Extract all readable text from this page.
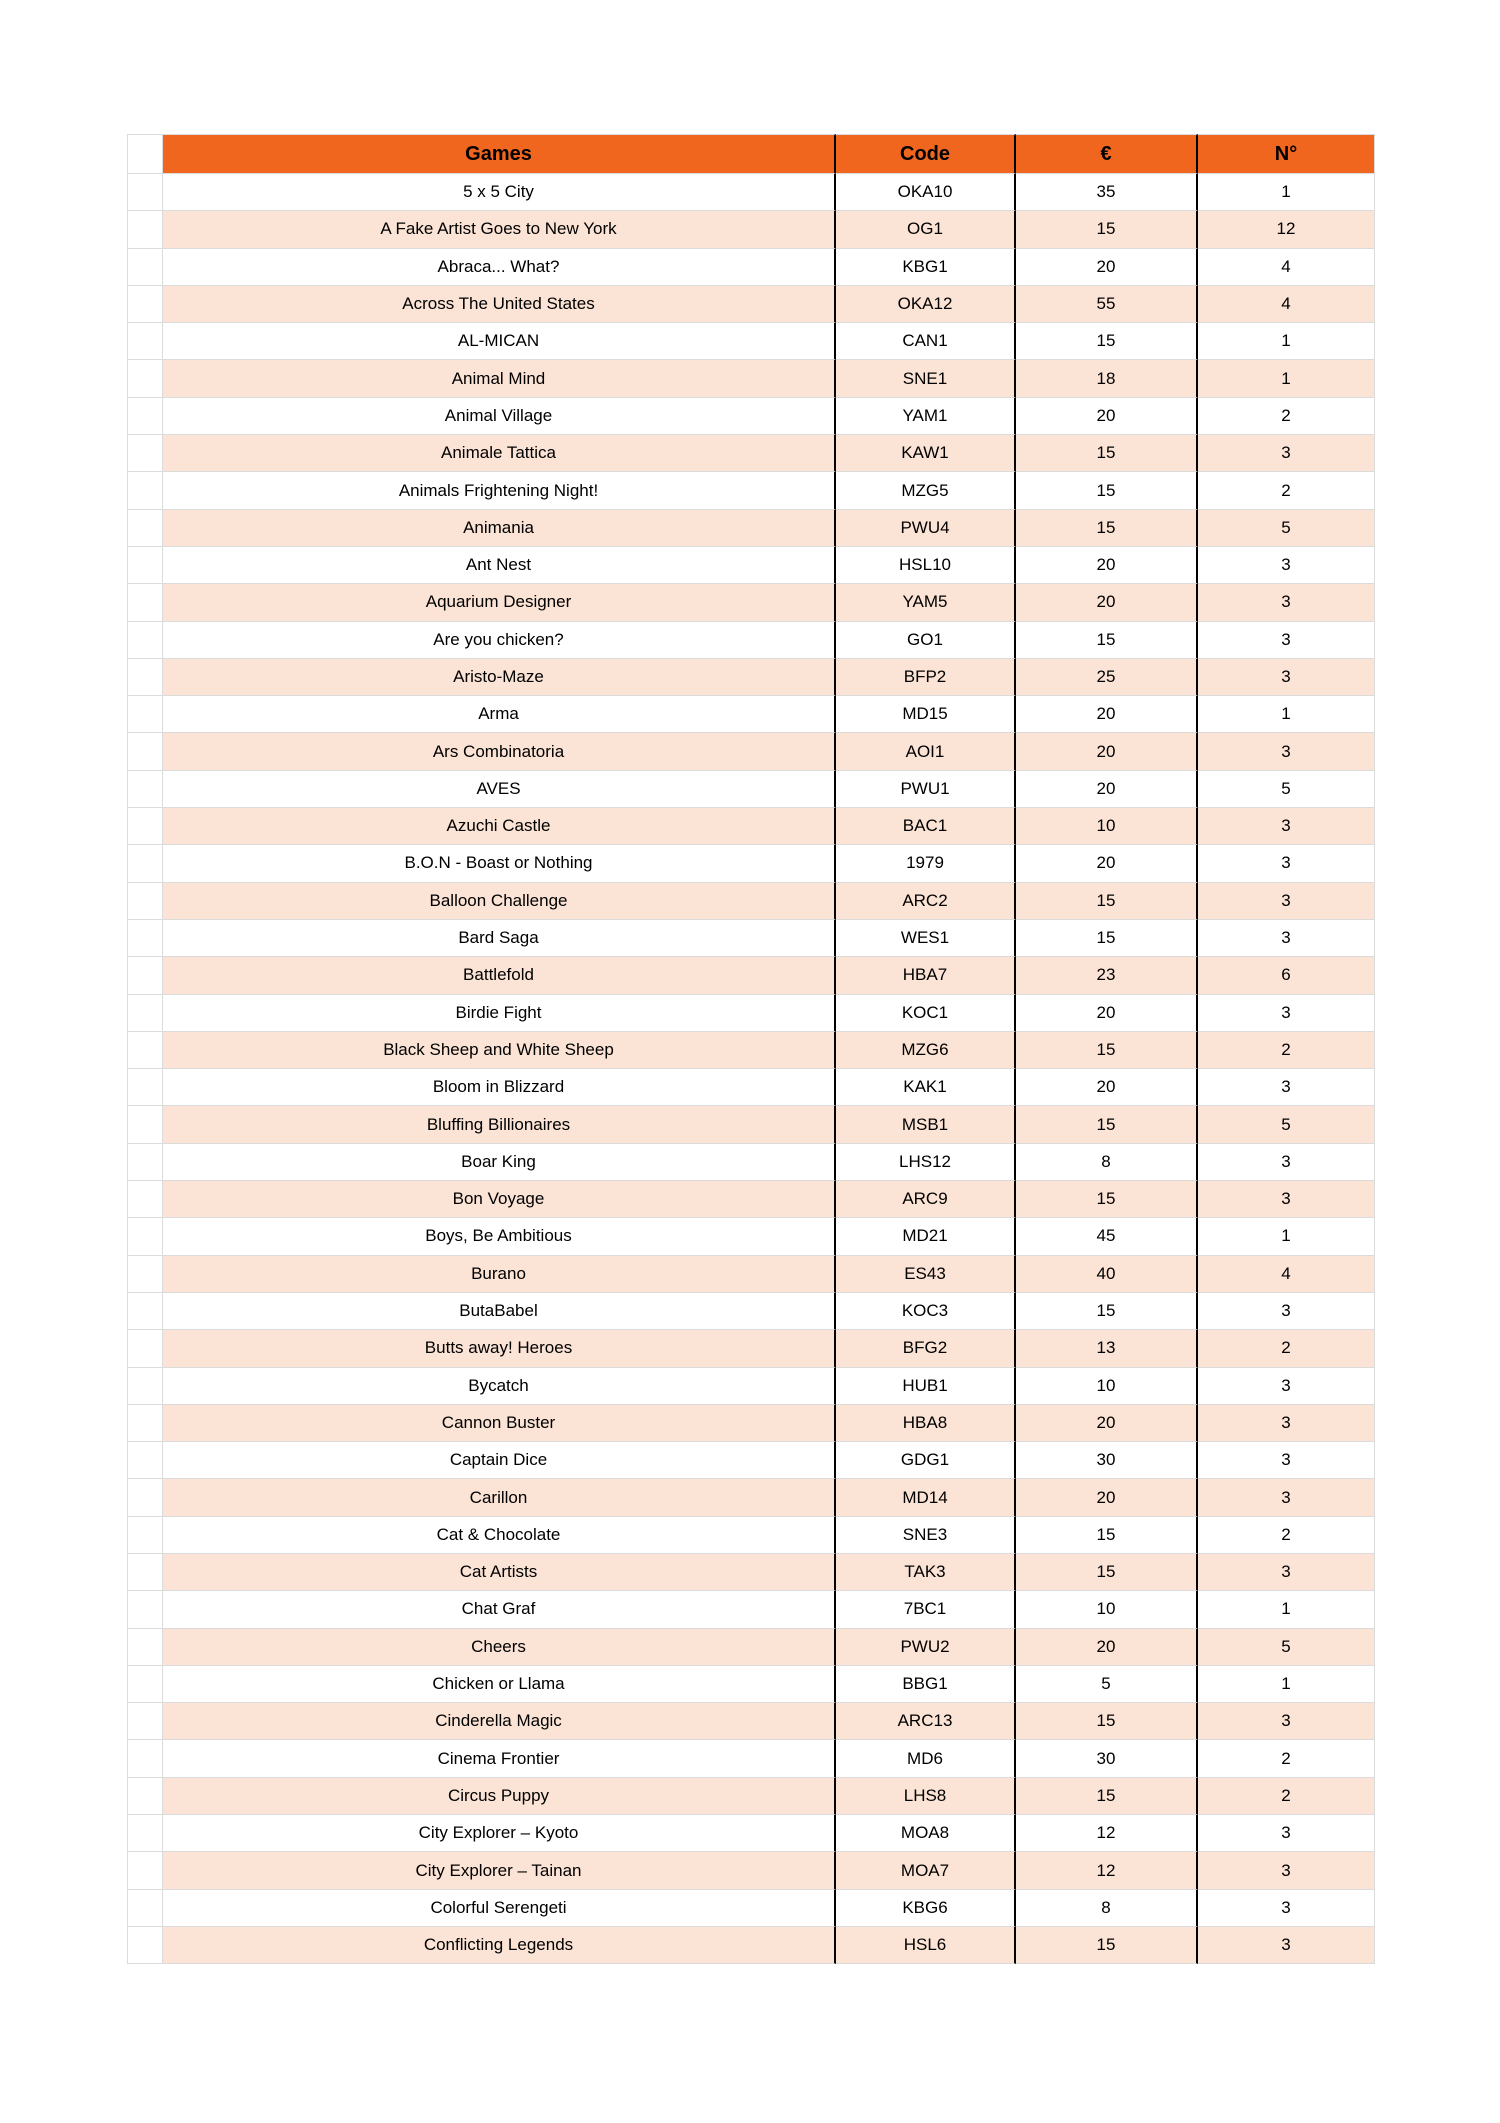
Games	Code	€	N°
5 x 5 City	OKA10	35	1
A Fake Artist Goes to New York	OG1	15	12
Abraca... What?	KBG1	20	4
Across The United States	OKA12	55	4
AL-MICAN	CAN1	15	1
Animal Mind	SNE1	18	1
Animal Village	YAM1	20	2
Animale Tattica	KAW1	15	3
Animals Frightening Night!	MZG5	15	2
Animania	PWU4	15	5
Ant Nest	HSL10	20	3
Aquarium Designer	YAM5	20	3
Are you chicken?	GO1	15	3
Aristo-Maze	BFP2	25	3
Arma	MD15	20	1
Ars Combinatoria	AOI1	20	3
AVES	PWU1	20	5
Azuchi Castle	BAC1	10	3
B.O.N - Boast or Nothing	1979	20	3
Balloon Challenge	ARC2	15	3
Bard Saga	WES1	15	3
Battlefold	HBA7	23	6
Birdie Fight	KOC1	20	3
Black Sheep and White Sheep	MZG6	15	2
Bloom in Blizzard	KAK1	20	3
Bluffing Billionaires	MSB1	15	5
Boar King	LHS12	8	3
Bon Voyage	ARC9	15	3
Boys, Be Ambitious	MD21	45	1
Burano	ES43	40	4
ButaBabel	KOC3	15	3
Butts away! Heroes	BFG2	13	2
Bycatch	HUB1	10	3
Cannon Buster	HBA8	20	3
Captain Dice	GDG1	30	3
Carillon	MD14	20	3
Cat & Chocolate	SNE3	15	2
Cat Artists	TAK3	15	3
Chat Graf	7BC1	10	1
Cheers	PWU2	20	5
Chicken or Llama	BBG1	5	1
Cinderella Magic	ARC13	15	3
Cinema Frontier	MD6	30	2
Circus Puppy	LHS8	15	2
City Explorer – Kyoto	MOA8	12	3
City Explorer – Tainan	MOA7	12	3
Colorful Serengeti	KBG6	8	3
Conflicting Legends	HSL6	15	3
